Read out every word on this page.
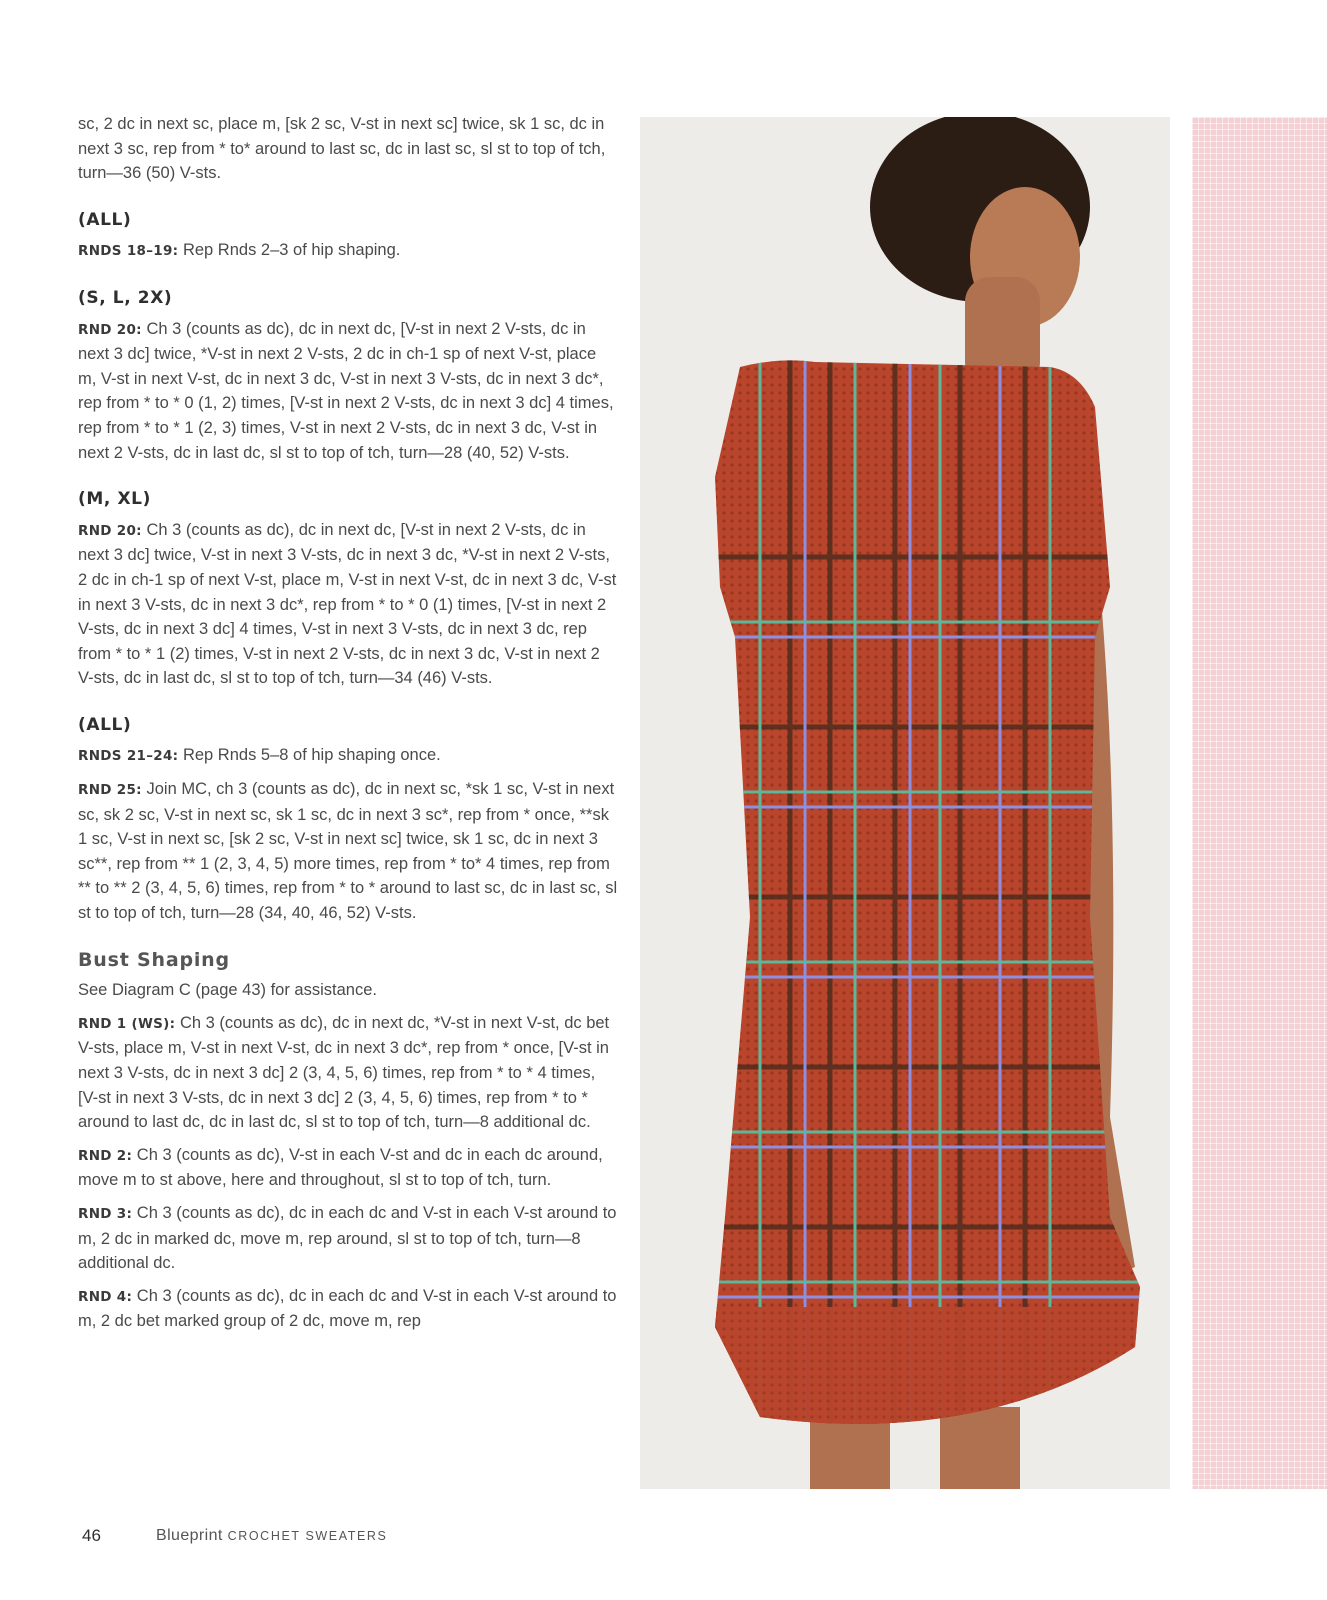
sc, 2 dc in next sc, place m, [sk 2 sc, V-st in next sc] twice, sk 1 sc, dc in next 3 sc, rep from * to* around to last sc, dc in last sc, sl st to top of tch, turn—36 (50) V-sts.

(ALL)

RNDS 18–19: Rep Rnds 2–3 of hip shaping.

(S, L, 2X)

RND 20: Ch 3 (counts as dc), dc in next dc, [V-st in next 2 V-sts, dc in next 3 dc] twice, *V-st in next 2 V-sts, 2 dc in ch-1 sp of next V-st, place m, V-st in next V-st, dc in next 3 dc, V-st in next 3 V-sts, dc in next 3 dc*, rep from * to * 0 (1, 2) times, [V-st in next 2 V-sts, dc in next 3 dc] 4 times, rep from * to * 1 (2, 3) times, V-st in next 2 V-sts, dc in next 3 dc, V-st in next 2 V-sts, dc in last dc, sl st to top of tch, turn—28 (40, 52) V-sts.

(M, XL)

RND 20: Ch 3 (counts as dc), dc in next dc, [V-st in next 2 V-sts, dc in next 3 dc] twice, V-st in next 3 V-sts, dc in next 3 dc, *V-st in next 2 V-sts, 2 dc in ch-1 sp of next V-st, place m, V-st in next V-st, dc in next 3 dc, V-st in next 3 V-sts, dc in next 3 dc*, rep from * to * 0 (1) times, [V-st in next 2 V-sts, dc in next 3 dc] 4 times, V-st in next 3 V-sts, dc in next 3 dc, rep from * to * 1 (2) times, V-st in next 2 V-sts, dc in next 3 dc, V-st in next 2 V-sts, dc in last dc, sl st to top of tch, turn—34 (46) V-sts.

(ALL)

RNDS 21–24: Rep Rnds 5–8 of hip shaping once.

RND 25: Join MC, ch 3 (counts as dc), dc in next sc, *sk 1 sc, V-st in next sc, sk 2 sc, V-st in next sc, sk 1 sc, dc in next 3 sc*, rep from * once, **sk 1 sc, V-st in next sc, [sk 2 sc, V-st in next sc] twice, sk 1 sc, dc in next 3 sc**, rep from ** 1 (2, 3, 4, 5) more times, rep from * to* 4 times, rep from ** to ** 2 (3, 4, 5, 6) times, rep from * to * around to last sc, dc in last sc, sl st to top of tch, turn—28 (34, 40, 46, 52) V-sts.

Bust Shaping

See Diagram C (page 43) for assistance.

RND 1 (WS): Ch 3 (counts as dc), dc in next dc, *V-st in next V-st, dc bet V-sts, place m, V-st in next V-st, dc in next 3 dc*, rep from * once, [V-st in next 3 V-sts, dc in next 3 dc] 2 (3, 4, 5, 6) times, rep from * to * 4 times, [V-st in next 3 V-sts, dc in next 3 dc] 2 (3, 4, 5, 6) times, rep from * to * around to last dc, dc in last dc, sl st to top of tch, turn—8 additional dc.

RND 2: Ch 3 (counts as dc), V-st in each V-st and dc in each dc around, move m to st above, here and throughout, sl st to top of tch, turn.

RND 3: Ch 3 (counts as dc), dc in each dc and V-st in each V-st around to m, 2 dc in marked dc, move m, rep around, sl st to top of tch, turn—8 additional dc.

RND 4: Ch 3 (counts as dc), dc in each dc and V-st in each V-st around to m, 2 dc bet marked group of 2 dc, move m, rep

46	Blueprint CROCHET SWEATERS
